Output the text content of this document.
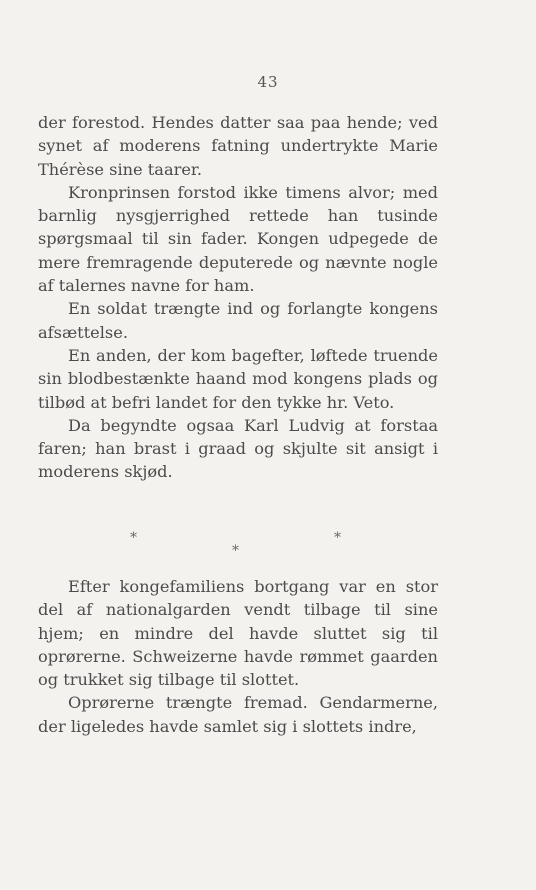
43

der forestod. Hendes datter saa paa hende; ved synet af moderens fatning undertrykte Marie Thérèse sine taarer.

Kronprinsen forstod ikke timens alvor; med barnlig nysgjerrighed rettede han tusinde spørgsmaal til sin fader. Kongen udpegede de mere fremragende deputerede og nævnte nogle af talernes navne for ham.

En soldat trængte ind og forlangte kongens afsættelse.

En anden, der kom bagefter, løftede truende sin blodbestænkte haand mod kongens plads og tilbød at befri landet for den tykke hr. Veto.

Da begyndte ogsaa Karl Ludvig at forstaa faren; han brast i graad og skjulte sit ansigt i moderens skjød.

*	*
*

Efter kongefamiliens bortgang var en stor del af nationalgarden vendt tilbage til sine hjem; en mindre del havde sluttet sig til oprørerne. Schweizerne havde rømmet gaarden og trukket sig tilbage til slottet.

Oprørerne trængte fremad. Gendarmerne, der ligeledes havde samlet sig i slottets indre,
